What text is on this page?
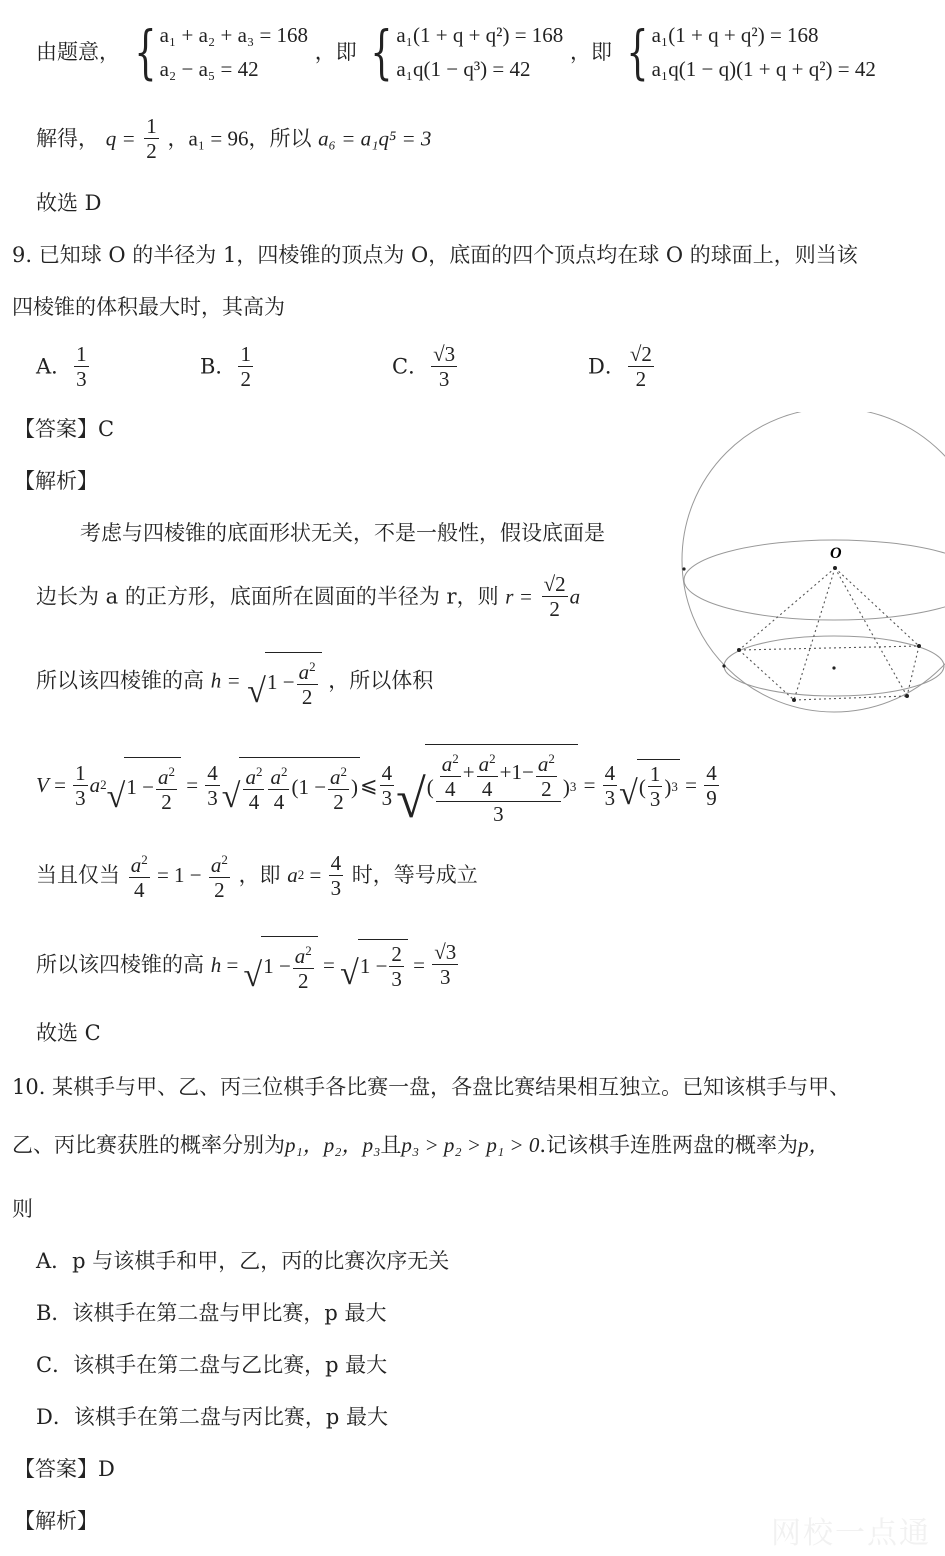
由题意， { a₁ + a₂ + a₃ = 168
a₂ − a₅ = 42
，即 { a₁(1 + q + q²) = 168
a₁q(1 − q³) = 42
，即 { a₁(1 + q + q²) = 168
a₁q(1 − q)(1 + q + q²) = 42
解得， $q = \frac{1}{2}$ ，a₁ = 96，所以 a₆ = a₁q⁵ = 3
故选 D
9. 已知球 O 的半径为 1，四棱锥的顶点为 O，底面的四个顶点均在球 O 的球面上，则当该
四棱锥的体积最大时，其高为
A． $\frac{1}{3}$	B． $\frac{1}{2}$	C． $\frac{√3}{3}$	D． $\frac{√2}{2}$
【答案】C
【解析】
考虑与四棱锥的底面形状无关，不是一般性，假设底面是
边长为 a 的正方形，底面所在圆面的半径为 r，则 $r = \frac{√2}{2}$ a
所以该四棱锥的高 h = √ $1 - a^2$
2
，所以体积
V =
1
3
a 2 √ $1 - a^2$
2
=
4
3 √
$a^2$
4
$a^2$
4
($1 - a^2$
2
) ⩽
4
3 √ ( $\frac{a^2}{4} + \frac{a^2}{4} +1- \frac{a^2}{2}$
3
) 3 =
4
3 √ (
1
3
) 3 =
4
9
当且仅当 $a^2$
4
= $1 - a^2$
2
，即 a 2 =
4
3
时，等号成立
所以该四棱锥的高 h = √ $1 - a^2$
2
= √ 1 −
2
3
=
√3
3
故选 C
O
10. 某棋手与甲、乙、丙三位棋手各比赛一盘，各盘比赛结果相互独立。已知该棋手与甲、
乙、丙比赛获胜的概率分别为p₁，p₂，p₃且p₃ > p₂ > p₁ > 0.记该棋手连胜两盘的概率为p，
则
A．p 与该棋手和甲，乙，丙的比赛次序无关
B．该棋手在第二盘与甲比赛，p 最大
C．该棋手在第二盘与乙比赛，p 最大
D．该棋手在第二盘与丙比赛，p 最大
【答案】D
【解析】	网校一点通
